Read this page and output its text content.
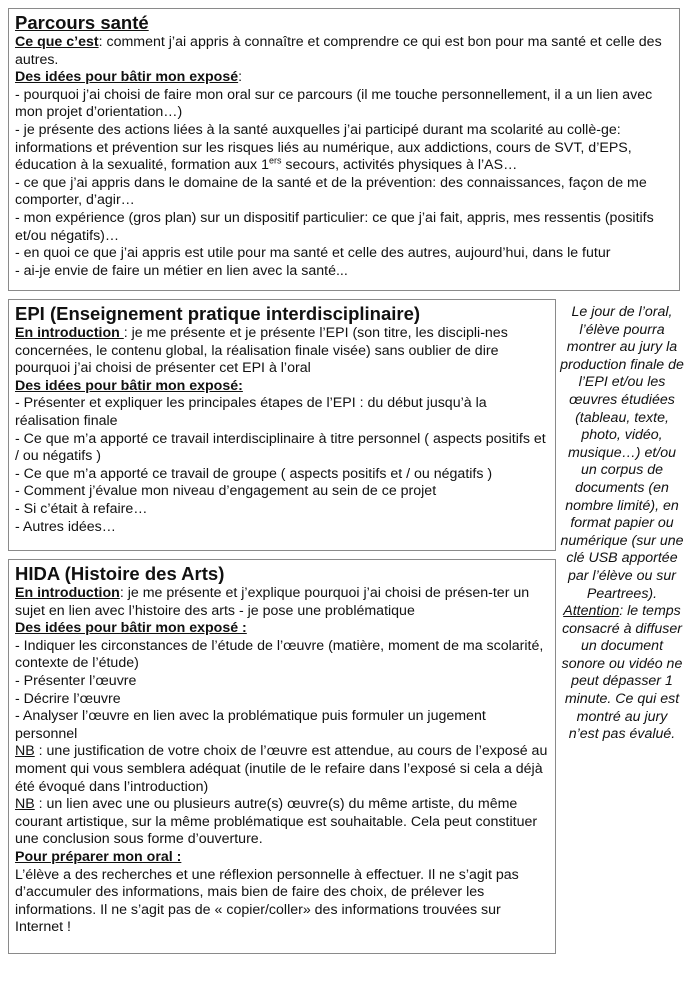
Parcours santé
Ce que c’est: comment j’ai appris à connaître et comprendre ce qui est bon pour ma santé et celle des autres.
Des idées pour bâtir mon exposé:
- pourquoi j’ai choisi de faire mon oral sur ce parcours (il me touche personnellement, il a un lien avec mon projet d’orientation…)
- je présente des actions liées à la santé auxquelles j’ai participé durant ma scolarité au collè-ge: informations et prévention sur les risques liés au numérique, aux addictions, cours de SVT, d’EPS, éducation à la sexualité, formation aux 1ers secours, activités physiques à l’AS…
- ce que j’ai appris dans le domaine de la santé et de la prévention: des connaissances, façon de me comporter, d’agir…
- mon expérience (gros plan) sur un dispositif particulier: ce que j’ai fait, appris, mes ressentis (positifs et/ou négatifs)…
- en quoi ce que j’ai appris est utile pour ma santé et celle des autres, aujourd’hui, dans le futur
- ai-je envie de faire un métier en lien avec la santé...
EPI (Enseignement pratique interdisciplinaire)
En introduction : je me présente et je présente l’EPI (son titre, les discipli-nes concernées, le contenu global, la réalisation finale visée) sans oublier de dire pourquoi j’ai choisi de présenter cet EPI à l’oral
Des idées pour bâtir mon exposé:
- Présenter et expliquer les principales étapes de l’EPI : du début jusqu’à la réalisation finale
- Ce que m’a apporté ce travail interdisciplinaire à titre personnel ( aspects positifs et / ou négatifs )
- Ce que m’a apporté ce travail de groupe ( aspects positifs et / ou négatifs )
- Comment j’évalue mon niveau d’engagement au sein de ce projet
- Si c’était à refaire…
- Autres idées…
HIDA (Histoire des Arts)
En introduction: je me présente et j’explique pourquoi j’ai choisi de présen-ter un sujet en lien avec l’histoire des arts - je pose une problématique
Des idées pour bâtir mon exposé :
- Indiquer les circonstances de l’étude de l’œuvre (matière, moment de ma scolarité, contexte de l’étude)
- Présenter l’œuvre
- Décrire l’œuvre
- Analyser l’œuvre en lien avec la problématique puis formuler un jugement personnel
NB : une justification de votre choix de l’œuvre est attendue, au cours de l’exposé au moment qui vous semblera adéquat (inutile de le refaire dans l’exposé si cela a déjà été évoqué dans l’introduction)
NB : un lien avec une ou plusieurs autre(s) œuvre(s) du même artiste, du même courant artistique, sur la même problématique est souhaitable. Cela peut constituer une conclusion sous forme d’ouverture.
Pour préparer mon oral :
L’élève a des recherches et une réflexion personnelle à effectuer. Il ne s’agit pas d’accumuler des informations, mais bien de faire des choix, de prélever les informations. Il ne s’agit pas de « copier/coller» des informations trouvées sur Internet !
Le jour de l’oral, l’élève pourra montrer au jury la production finale de l’EPI et/ou les œuvres étudiées (tableau, texte, photo, vidéo, musique…) et/ou un corpus de documents (en nombre limité), en format papier ou numérique (sur une clé USB apportée par l’élève ou sur Peartrees). Attention: le temps consacré à diffuser un document sonore ou vidéo ne peut dépasser 1 minute. Ce qui est montré au jury n’est pas évalué.
